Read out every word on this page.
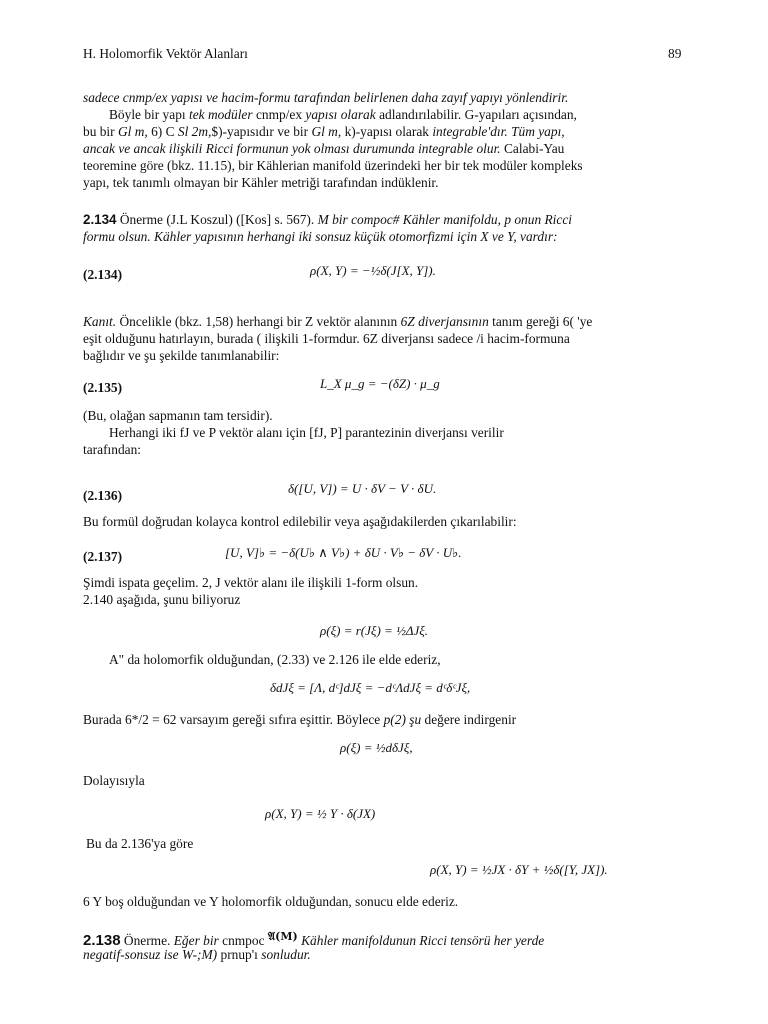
H. Holomorfik Vektör Alanları	89
sadece cnmp/ex yapısı ve hacim-formu tarafından belirlenen daha zayıf yapıyı yönlendirir.
Böyle bir yapı tek modüler cnmp/ex yapısı olarak adlandırılabilir. G-yapıları açısından,
bu bir Gl m, 6) C Sl 2m,$)-yapısıdır ve bir Gl m, k)-yapısı olarak integrable'dır. Tüm yapı,
ancak ve ancak ilişkili Ricci formunun yok olması durumunda integrable olur. Calabi-Yau
teoremine göre (bkz. 11.15), bir Kählerian manifold üzerindeki her bir tek modüler kompleks
yapı, tek tanımlı olmayan bir Kähler metriği tarafından indüklenir.
2.134 Önerme (J.L Koszul) ([Kos] s. 567). M bir compoc# Kähler manifoldu, p onun Ricci
formu olsun. Kähler yapısının herhangi iki sonsuz küçük otomorfizmi için X ve Y, vardır:
(2.134)	ρ(X, Y) = −½δ(J[X, Y]).
Kanıt. Öncelikle (bkz. 1,58) herhangi bir Z vektör alanının 6Z diverjansının tanım gereği 6( 'ye
eşit olduğunu hatırlayın, burada ( ilişkili 1-formdur. 6Z diverjansı sadece /i hacim-formuna
bağlıdır ve şu şekilde tanımlanabilir:
(2.135)	L_X μ_g = −(δZ) · μ_g
(Bu, olağan sapmanın tam tersidir).
Herhangi iki fJ ve P vektör alanı için [fJ, P] parantezinin diverjansı verilir
tarafından:
(2.136)	δ([U, V]) = U · δV − V · δU.
Bu formül doğrudan kolayca kontrol edilebilir veya aşağıdakilerden çıkarılabilir:
(2.137)	[U, V]♭ = −δ(U♭ ∧ V♭) + δU · V♭ − δV · U♭.
Şimdi ispata geçelim. 2, J vektör alanı ile ilişkili 1-form olsun.
2.140 aşağıda, şunu biliyoruz
ρ(ξ) = r(Jξ) = ½ΔJξ.
A" da holomorfik olduğundan, (2.33) ve 2.126 ile elde ederiz,
δdJξ = [Λ, dᶜ]dJξ = −dᶜΛdJξ = dᶜδᶜJξ,
Burada 6*/2 = 62 varsayım gereği sıfıra eşittir. Böylece p(2) şu değere indirgenir
ρ(ξ) = ½dδJξ,
Dolayısıyla
ρ(X, Y) = ½ Y · δ(JX)
Bu da 2.136'ya göre
ρ(X, Y) = ½JX · δY + ½δ([Y, JX]).
6 Y boş olduğundan ve Y holomorfik olduğundan, sonucu elde ederiz.
2.138 Önerme. Eğer bir cnmpoc $^{𝔄(M)}$ Kähler manifoldunun Ricci tensörü her yerde
negatif-sonsuz ise W-;M) prnup'ı sonludur.
